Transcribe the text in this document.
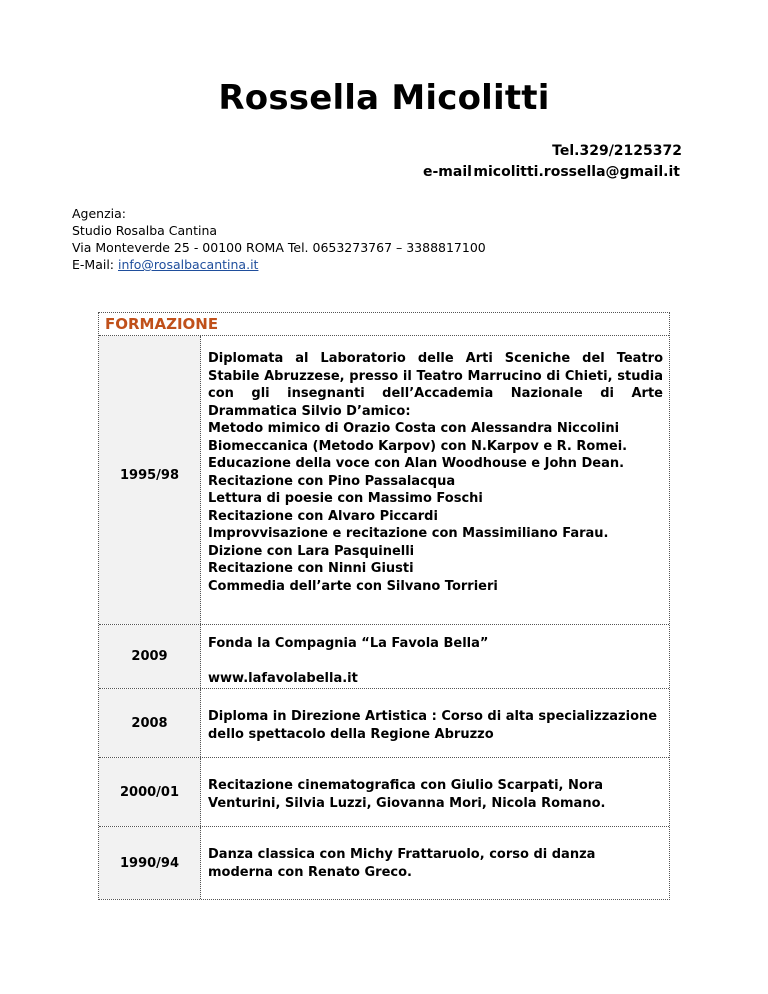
Rossella Micolitti
Tel.329/2125372
e-mail micolitti.rossella@gmail.it
Agenzia:
Studio Rosalba Cantina
Via Monteverde 25 - 00100 ROMA Tel. 0653273767 – 3388817100
E-Mail: info@rosalbacantina.it
FORMAZIONE
1995/98
Diplomata al Laboratorio delle Arti Sceniche del Teatro Stabile Abruzzese, presso il Teatro Marrucino di Chieti, studia con gli insegnanti dell’Accademia Nazionale di Arte Drammatica Silvio D’amico:
Metodo mimico di Orazio Costa con Alessandra Niccolini
Biomeccanica (Metodo Karpov) con N.Karpov e R. Romei.
Educazione della voce con Alan Woodhouse e John Dean.
Recitazione con Pino Passalacqua
Lettura di poesie con Massimo Foschi
Recitazione con Alvaro Piccardi
Improvvisazione e recitazione con Massimiliano Farau.
Dizione con Lara Pasquinelli
Recitazione con Ninni Giusti
Commedia dell’arte con Silvano Torrieri
2009
Fonda la Compagnia “La Favola Bella”
www.lafavolabella.it
2008	Diploma in Direzione Artistica : Corso di alta specializzazione dello spettacolo della Regione Abruzzo
2000/01	Recitazione cinematografica con Giulio Scarpati, Nora Venturini, Silvia Luzzi, Giovanna Mori, Nicola Romano.
1990/94
Danza classica con Michy Frattaruolo, corso di danza moderna con Renato Greco.
